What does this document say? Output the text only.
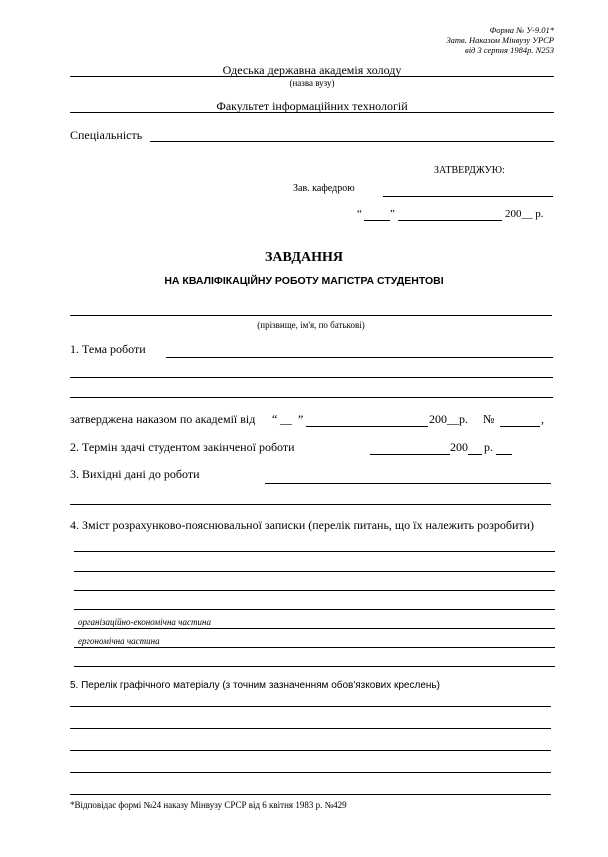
Форма № У-9.01*
Затв. Наказом Мінвузу УРСР
від 3 серпня 1984р. N253
Одеська державна академія холоду
(назва вузу)
Факультет інформаційних технологій
Спеціальність
ЗАТВЕРДЖУЮ:
Зав. кафедрою
“	”	200__ р.
ЗАВДАННЯ
НА КВАЛІФІКАЦІЙНУ РОБОТУ МАГІСТРА СТУДЕНТОВІ
(прізвище, ім'я, по батькові)
1. Тема роботи
затверджена наказом по академії від “ __ ”	200__р. №	,
2. Термін здачі студентом закінченої роботи	200 р.
3. Вихідні дані до роботи
4. Зміст розрахунково-пояснювальної записки (перелік питань, що їх належить розробити)
організаційно-економічна частина
ергономічна частина
5. Перелік графічного матеріалу (з точним зазначенням обов'язкових креслень)
*Відповідає формі №24 наказу Мінвузу СРСР від 6 квітня 1983 р. №429
